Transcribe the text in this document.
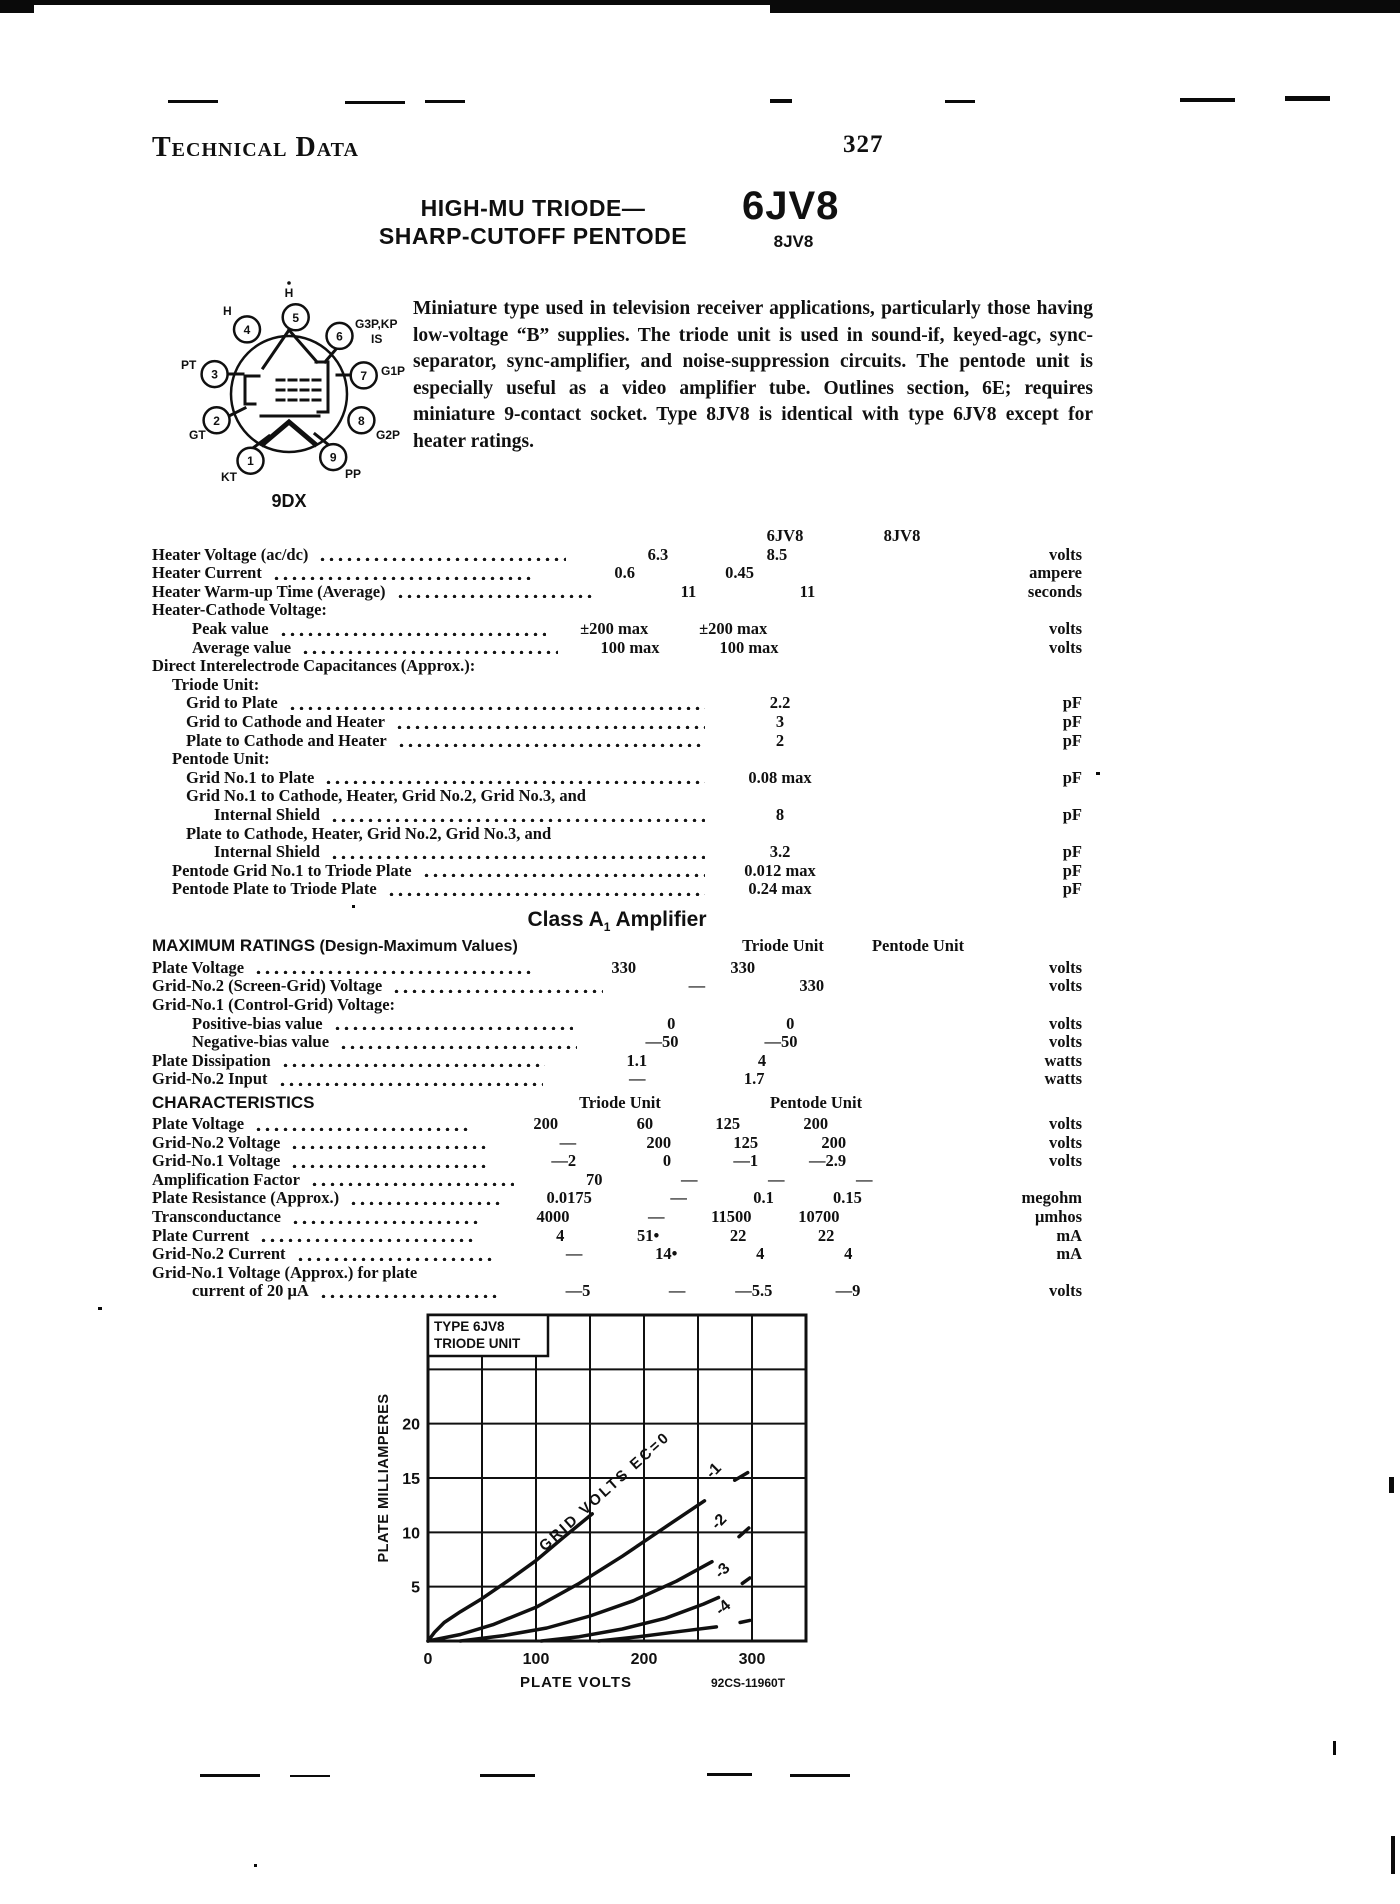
Technical Data	327
HIGH-MU TRIODE—
SHARP-CUTOFF PENTODE
6JV8
8JV8
1
2
3
4
5
6
7
8
9
KT
GT
PT
H
H
G3P,KP
IS
G1P
G2P
PP
9DX
Miniature type used in television receiver applications, particularly those having low-voltage “B” supplies. The triode unit is used in sound-if, keyed-agc, sync-separator, sync-amplifier, and noise-suppression circuits. The pentode unit is especially useful as a video amplifier tube. Outlines section, 6E; requires miniature 9-contact socket. Type 8JV8 is identical with type 6JV8 except for heater ratings.
6JV8	8JV8
Heater Voltage (ac/dc)	6.3	8.5	volts
Heater Current	0.6	0.45	ampere
Heater Warm-up Time (Average)	11	11	seconds
Heater-Cathode Voltage:
Peak value	±200 max	±200 max	volts
Average value	100 max	100 max	volts
Direct Interelectrode Capacitances (Approx.):
Triode Unit:
Grid to Plate	2.2	pF
Grid to Cathode and Heater	3	pF
Plate to Cathode and Heater	2	pF
Pentode Unit:
Grid No.1 to Plate	0.08 max	pF
Grid No.1 to Cathode, Heater, Grid No.2, Grid No.3, and
Internal Shield	8	pF
Plate to Cathode, Heater, Grid No.2, Grid No.3, and
Internal Shield	3.2	pF
Pentode Grid No.1 to Triode Plate	0.012 max	pF
Pentode Plate to Triode Plate	0.24 max	pF
Class $A_1$ Amplifier
MAXIMUM RATINGS (Design-Maximum Values)	Triode Unit	Pentode Unit
Plate Voltage	330	330	volts
Grid-No.2 (Screen-Grid) Voltage	—	330	volts
Grid-No.1 (Control-Grid) Voltage:
Positive-bias value	0	0	volts
Negative-bias value	—50	—50	volts
Plate Dissipation	1.1	4	watts
Grid-No.2 Input	—	1.7	watts
CHARACTERISTICS	Triode Unit	Pentode Unit
Plate Voltage	200	60	125	200	volts
Grid-No.2 Voltage	—	200	125	200	volts
Grid-No.1 Voltage	—2	0	—1	—2.9	volts
Amplification Factor	70	—	—	—
Plate Resistance (Approx.)	0.0175	—	0.1	0.15	megohm
Transconductance	4000	—	11500	10700	μmhos
Plate Current	4	51•	22	22	mA
Grid-No.2 Current	—	14•	4	4	mA
Grid-No.1 Voltage (Approx.) for plate
current of 20 μA	—5	—	—5.5	—9	volts
0	100	200	300
5
10
15
20
-1
-2
-3
-4
GRID VOLTS EC=0
TYPE 6JV8
TRIODE UNIT
PLATE MILLIAMPERES
PLATE VOLTS	92CS-11960T
